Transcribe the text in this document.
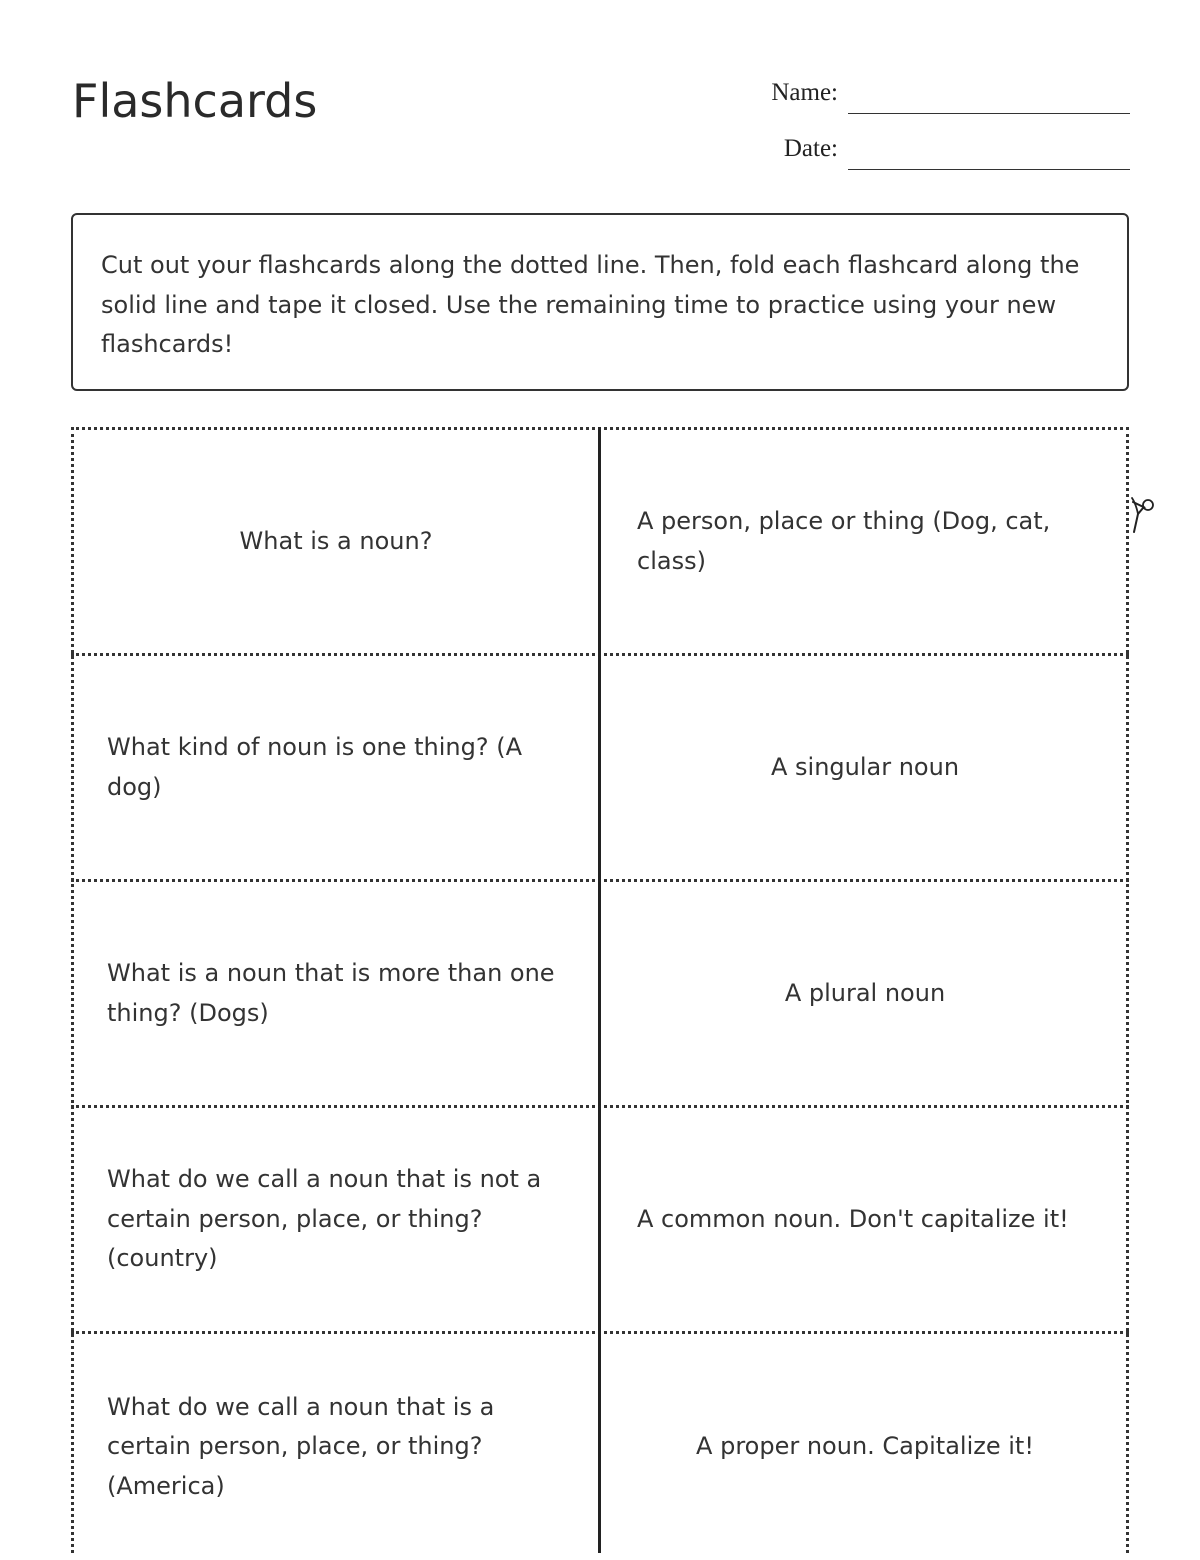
Flashcards	Name:
Date:
Cut out your flashcards along the dotted line. Then, fold each flashcard along the solid line and tape it closed. Use the remaining time to practice using your new flashcards!
What is a noun?
A person, place or thing (Dog, cat, class)
What kind of noun is one thing? (A dog)
A singular noun
What is a noun that is more than one thing? (Dogs)
A plural noun
What do we call a noun that is not a certain person, place, or thing? (country)
A common noun. Don't capitalize it!
What do we call a noun that is a certain person, place, or thing? (America)
A proper noun. Capitalize it!
